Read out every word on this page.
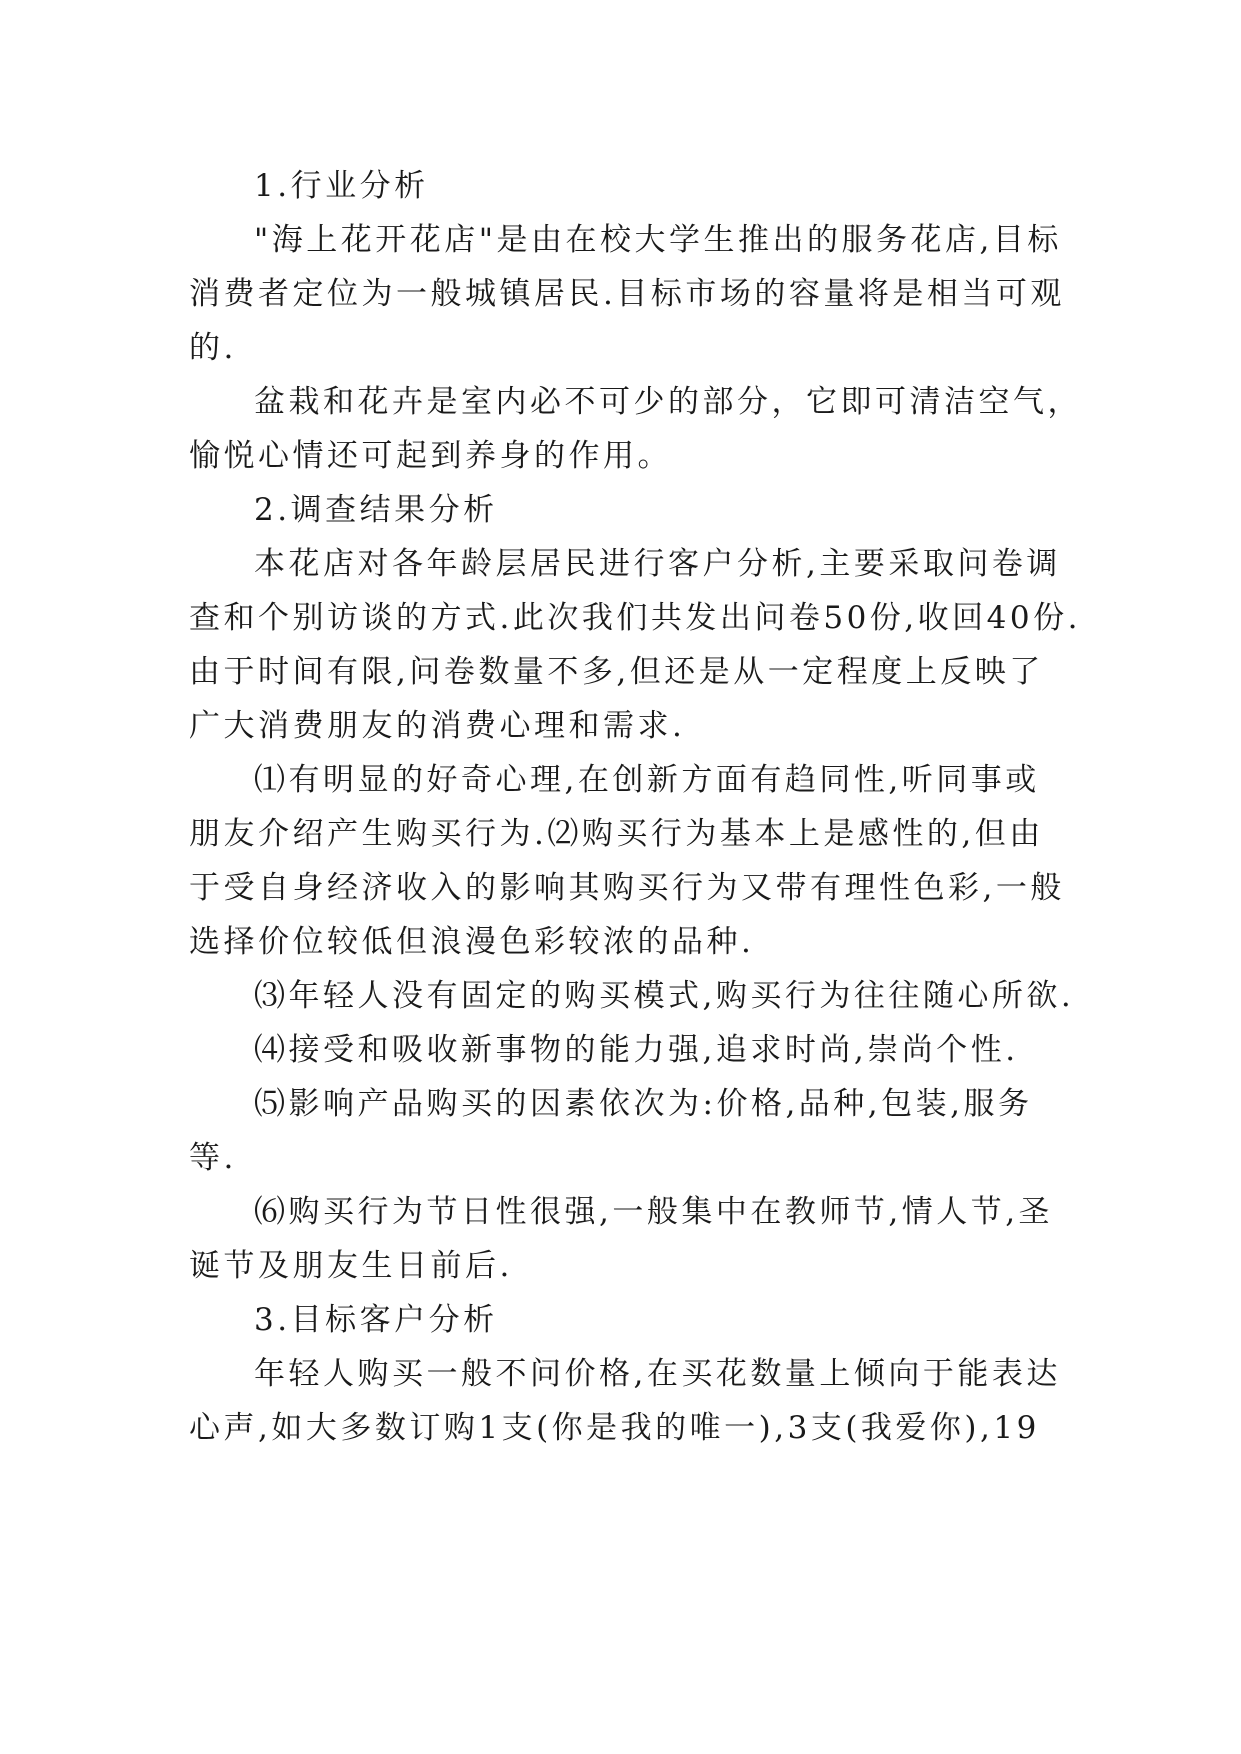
1.行业分析
"海上花开花店"是由在校大学生推出的服务花店,目标
消费者定位为一般城镇居民.目标市场的容量将是相当可观
的.
盆栽和花卉是室内必不可少的部分，它即可清洁空气，
愉悦心情还可起到养身的作用。
2.调查结果分析
本花店对各年龄层居民进行客户分析,主要采取问卷调
查和个别访谈的方式.此次我们共发出问卷50份,收回40份.
由于时间有限,问卷数量不多,但还是从一定程度上反映了
广大消费朋友的消费心理和需求.
⑴有明显的好奇心理,在创新方面有趋同性,听同事或
朋友介绍产生购买行为.⑵购买行为基本上是感性的,但由
于受自身经济收入的影响其购买行为又带有理性色彩,一般
选择价位较低但浪漫色彩较浓的品种.
⑶年轻人没有固定的购买模式,购买行为往往随心所欲.
⑷接受和吸收新事物的能力强,追求时尚,崇尚个性.
⑸影响产品购买的因素依次为:价格,品种,包装,服务
等.
⑹购买行为节日性很强,一般集中在教师节,情人节,圣
诞节及朋友生日前后.
3.目标客户分析
年轻人购买一般不问价格,在买花数量上倾向于能表达
心声,如大多数订购1支(你是我的唯一),3支(我爱你),19
